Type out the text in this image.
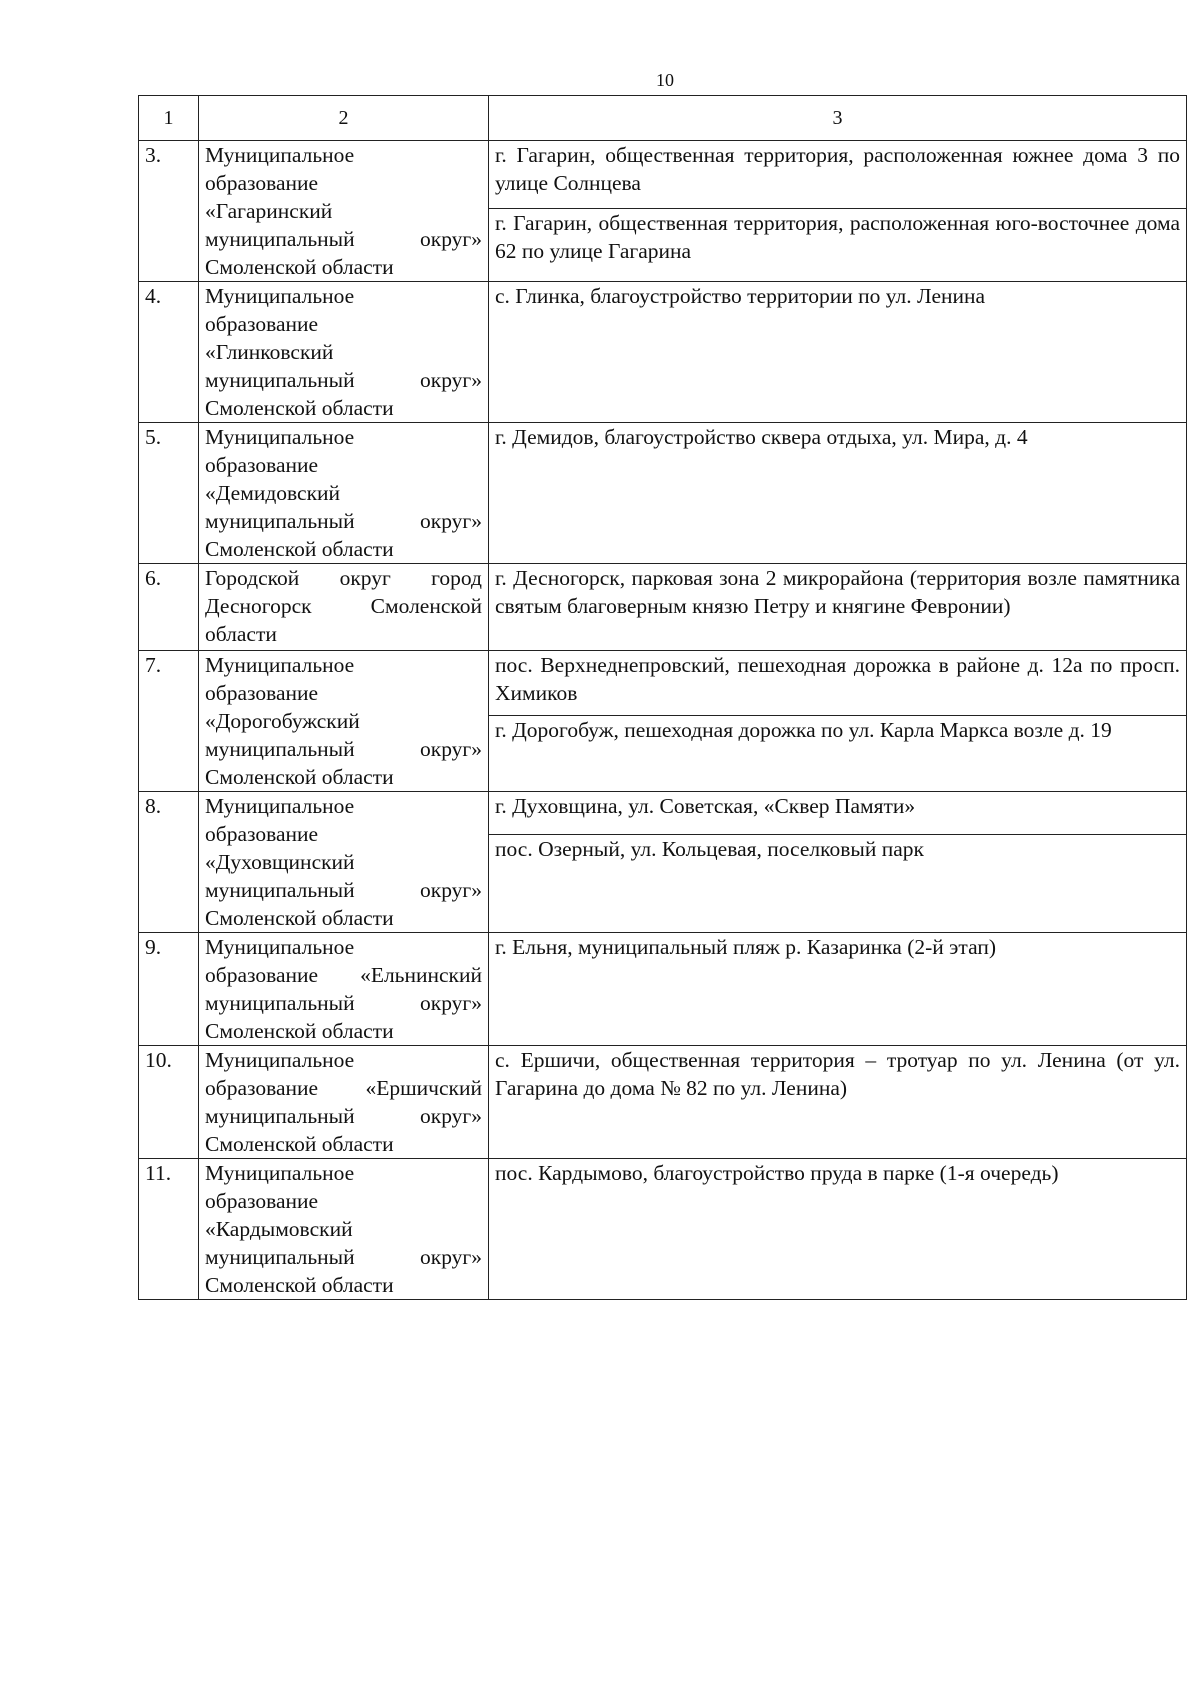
10
1	2	3
3.	Муниципальное
образование
«Гагаринский
муниципальный округ»
Смоленской области	г. Гагарин, общественная территория, расположенная южнее дома 3 по улице Солнцева
		г. Гагарин, общественная территория, расположенная юго-восточнее дома 62 по улице Гагарина
4.	Муниципальное
образование
«Глинковский
муниципальный округ»
Смоленской области	с. Глинка, благоустройство территории по ул. Ленина
5.	Муниципальное
образование
«Демидовский
муниципальный округ»
Смоленской области	г. Демидов, благоустройство сквера отдыха, ул. Мира, д. 4
6.	Городской округ город
Десногорск Смоленской
области	г. Десногорск, парковая зона 2 микрорайона (территория возле памятника святым благоверным князю Петру и княгине Февронии)
7.	Муниципальное
образование
«Дорогобужский
муниципальный округ»
Смоленской области	пос. Верхнеднепровский, пешеходная дорожка в районе д. 12а по просп. Химиков
		г. Дорогобуж, пешеходная дорожка по ул. Карла Маркса возле д. 19
8.	Муниципальное
образование
«Духовщинский
муниципальный округ»
Смоленской области	г. Духовщина, ул. Советская, «Сквер Памяти»
		пос. Озерный, ул. Кольцевая, поселковый парк
9.	Муниципальное
образование «Ельнинский
муниципальный округ»
Смоленской области	г. Ельня, муниципальный пляж р. Казаринка (2-й этап)
10.	Муниципальное
образование «Ершичский
муниципальный округ»
Смоленской области	с. Ершичи, общественная территория – тротуар по ул. Ленина (от ул. Гагарина до дома № 82 по ул. Ленина)
11.	Муниципальное
образование
«Кардымовский
муниципальный округ»
Смоленской области	пос. Кардымово, благоустройство пруда в парке (1-я очередь)
